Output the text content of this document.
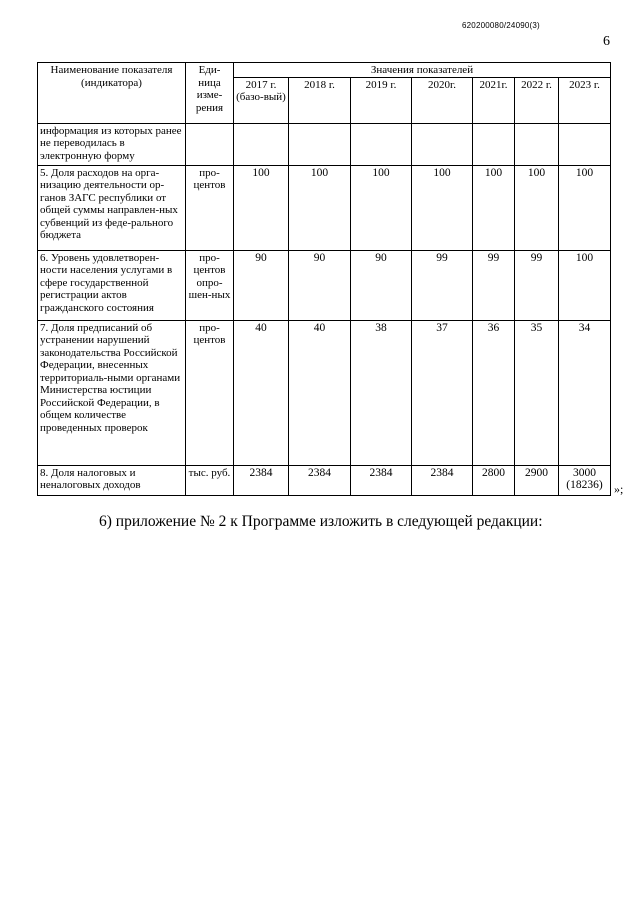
620200080/24090(3)
6
Наименование показателя (индикатора)	Еди-ница изме-рения	Значения показателей						
		2017 г. (базо-вый)	2018 г.	2019 г.	2020г.	2021г.	2022 г.	2023 г.
информация из которых ранее не переводилась в электронную форму								
5. Доля расходов на орга-низацию деятельности ор-ганов ЗАГС республики от общей суммы направлен-ных субвенций из феде-рального бюджета	про-центов	100	100	100	100	100	100	100
6. Уровень удовлетворен-ности населения услугами в сфере государственной регистрации актов гражданского состояния	про-центов опро-шен-ных	90	90	90	99	99	99	100
7. Доля предписаний об устранении нарушений законодательства Российской Федерации, внесенных территориаль-ными органами Министерства юстиции Российской Федерации, в общем количестве проведенных проверок	про-центов	40	40	38	37	36	35	34
8. Доля налоговых и неналоговых доходов	тыс. руб.	2384	2384	2384	2384	2800	2900	3000 (18236) »;
6) приложение № 2 к Программе изложить в следующей редакции:
